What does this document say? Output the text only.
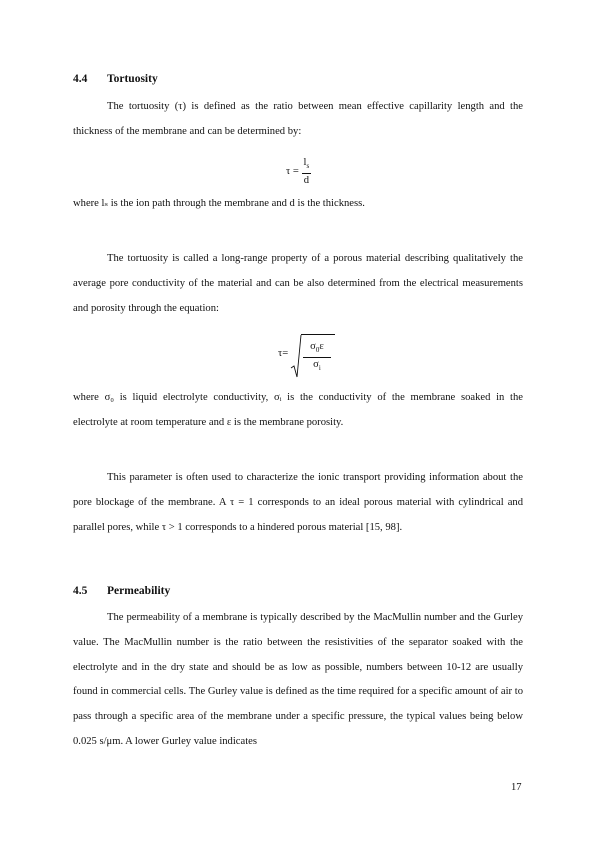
4.4 Tortuosity

The tortuosity (τ) is defined as the ratio between mean effective capillarity length and the thickness of the membrane and can be determined by:

$\tau = \frac{l_s}{d}$

where lₛ is the ion path through the membrane and d is the thickness.

The tortuosity is called a long-range property of a porous material describing qualitatively the average pore conductivity of the material and can be also determined from the electrical measurements and porosity through the equation:

$\tau= \frac{\sigma_0\varepsilon}{\sigma_i}$

where σ₀ is liquid electrolyte conductivity, σᵢ is the conductivity of the membrane soaked in the electrolyte at room temperature and ε is the membrane porosity.

This parameter is often used to characterize the ionic transport providing information about the pore blockage of the membrane. A τ = 1 corresponds to an ideal porous material with cylindrical and parallel pores, while τ > 1 corresponds to a hindered porous material [15, 98].

4.5 Permeability

The permeability of a membrane is typically described by the MacMullin number and the Gurley value. The MacMullin number is the ratio between the resistivities of the separator soaked with the electrolyte and in the dry state and should be as low as possible, numbers between 10-12 are usually found in commercial cells. The Gurley value is defined as the time required for a specific amount of air to pass through a specific area of the membrane under a specific pressure, the typical values being below 0.025 s/μm. A lower Gurley value indicates

17
